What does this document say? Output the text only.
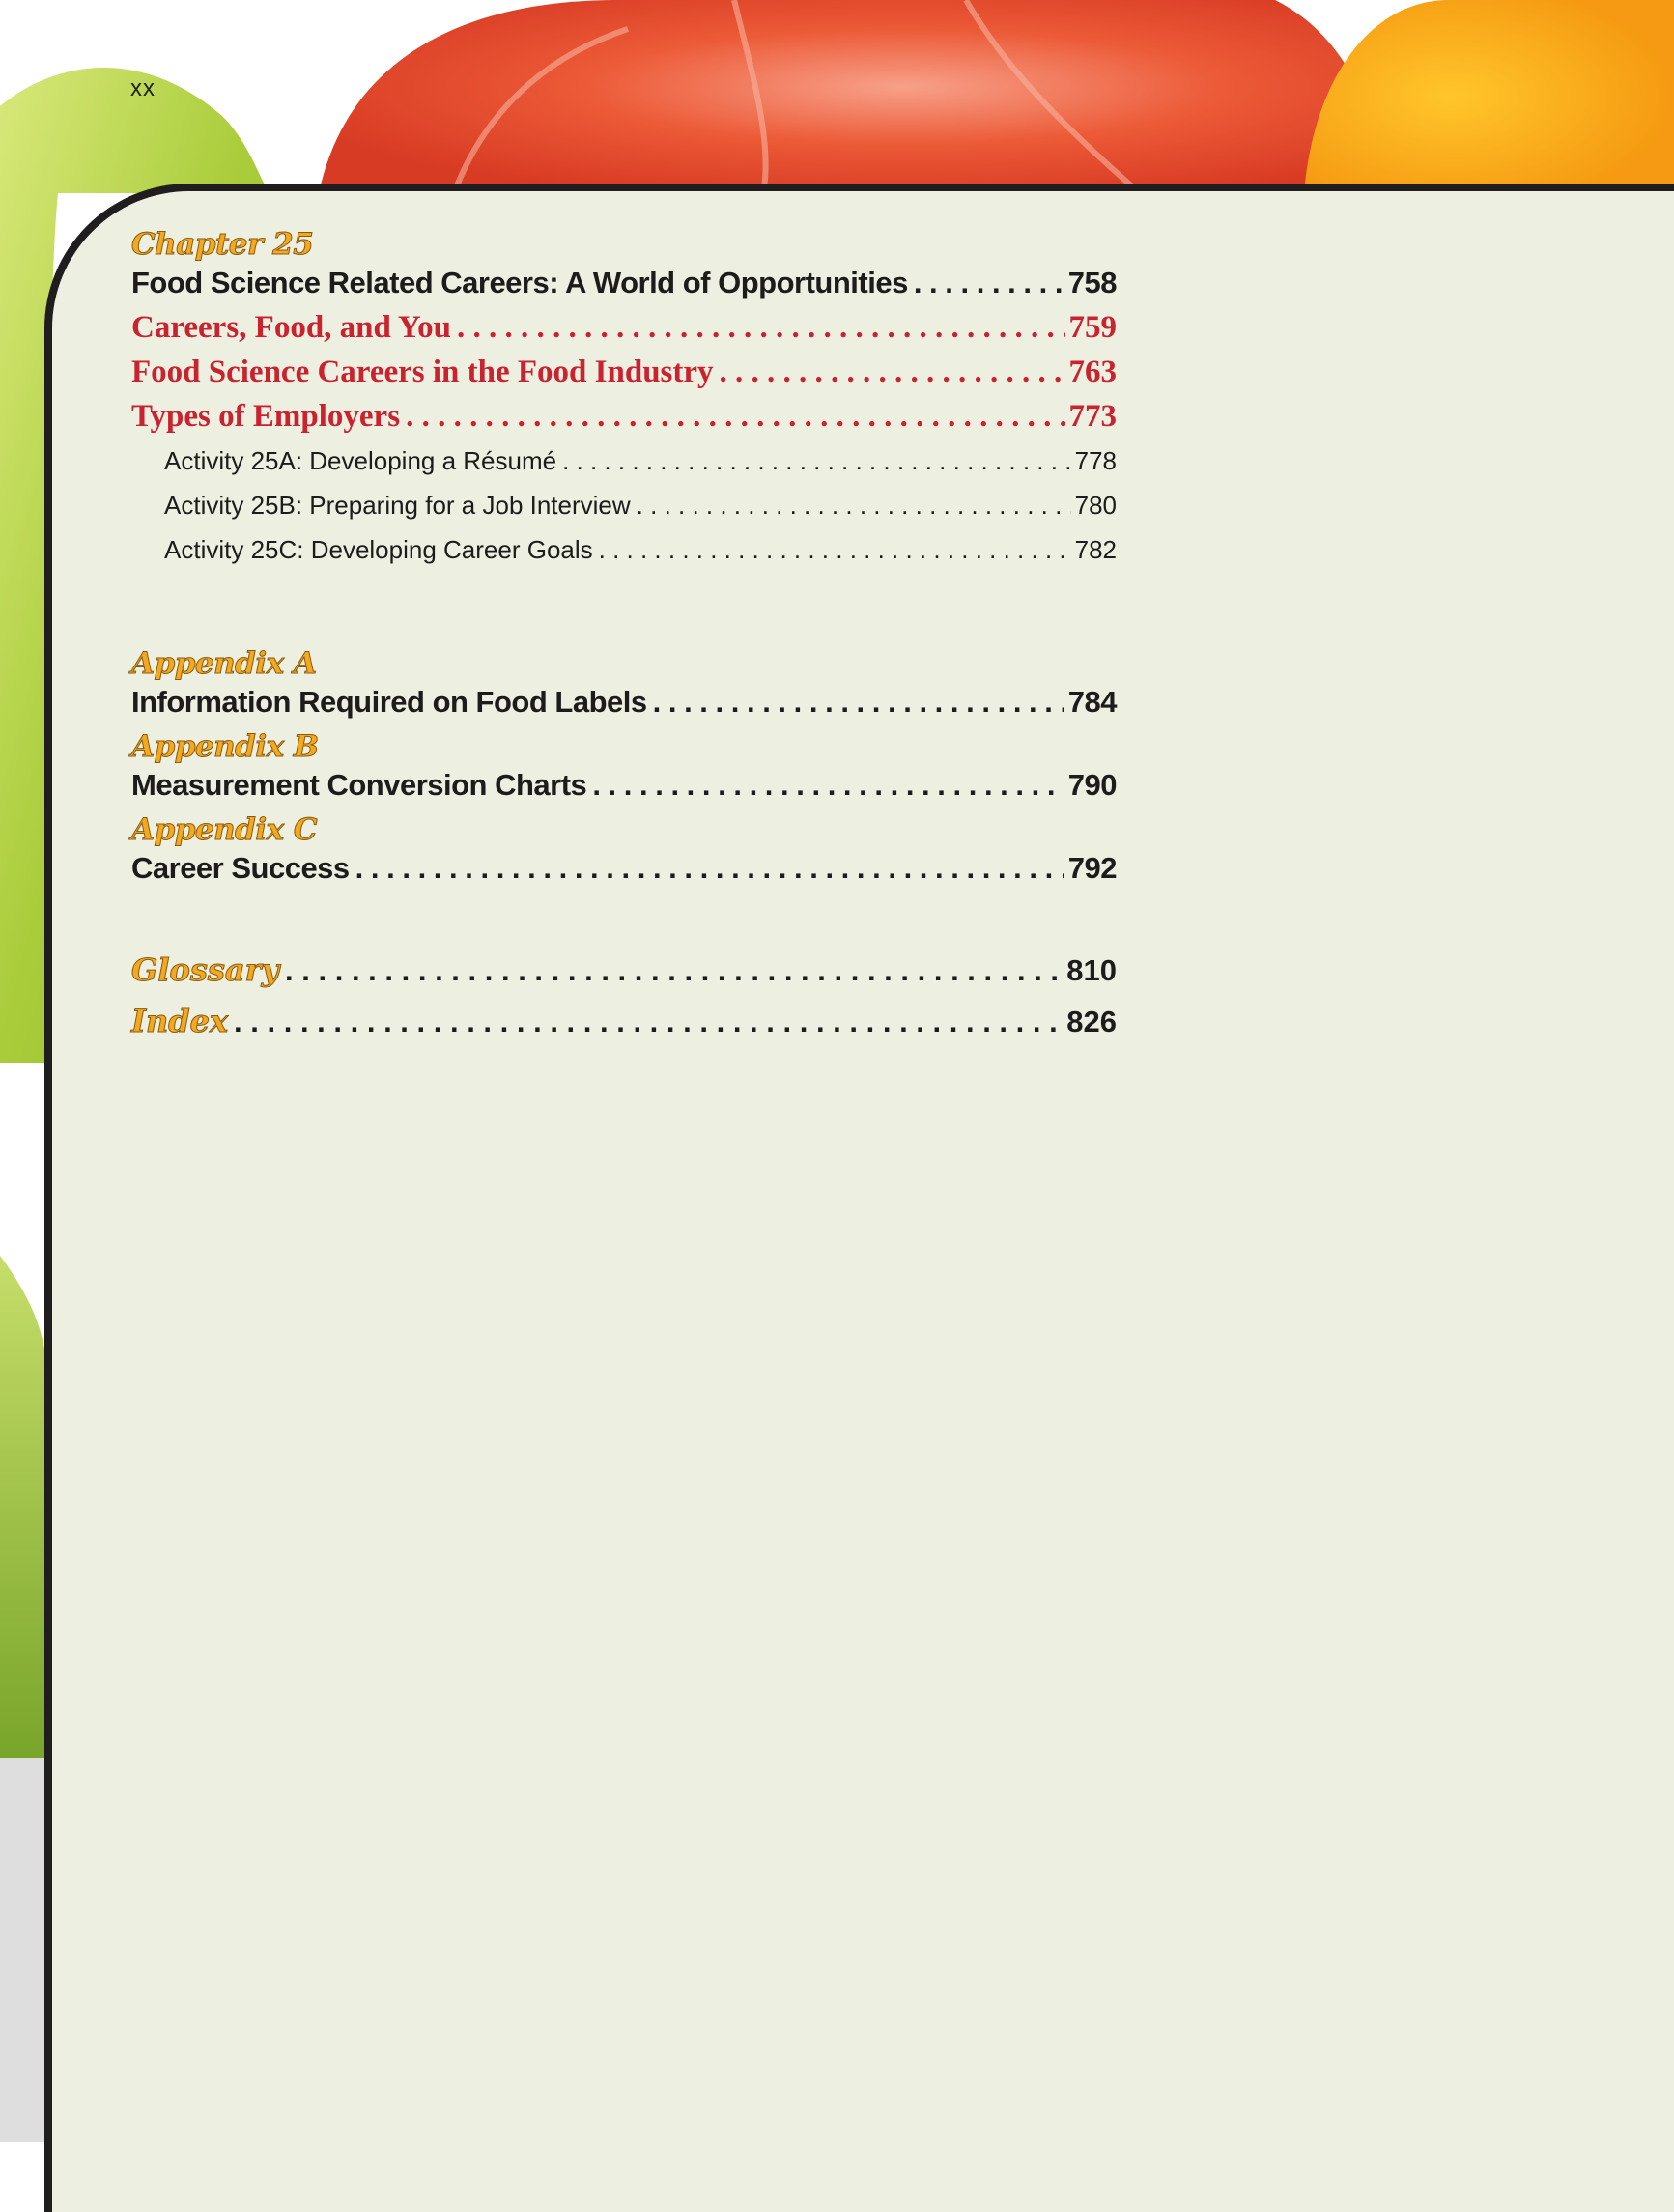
xx
Chapter 25
Food Science Related Careers: A World of Opportunities . . .	758
Careers, Food, and You . . .	759
Food Science Careers in the Food Industry . . .	763
Types of Employers . . .	773
Activity 25A: Developing a Résumé . . .	778
Activity 25B: Preparing for a Job Interview . . .	780
Activity 25C: Developing Career Goals . . .	782
Appendix A
Information Required on Food Labels . . .	784
Appendix B
Measurement Conversion Charts . . .	790
Appendix C
Career Success . . .	792
Glossary . . .	810
Index . . .	826
